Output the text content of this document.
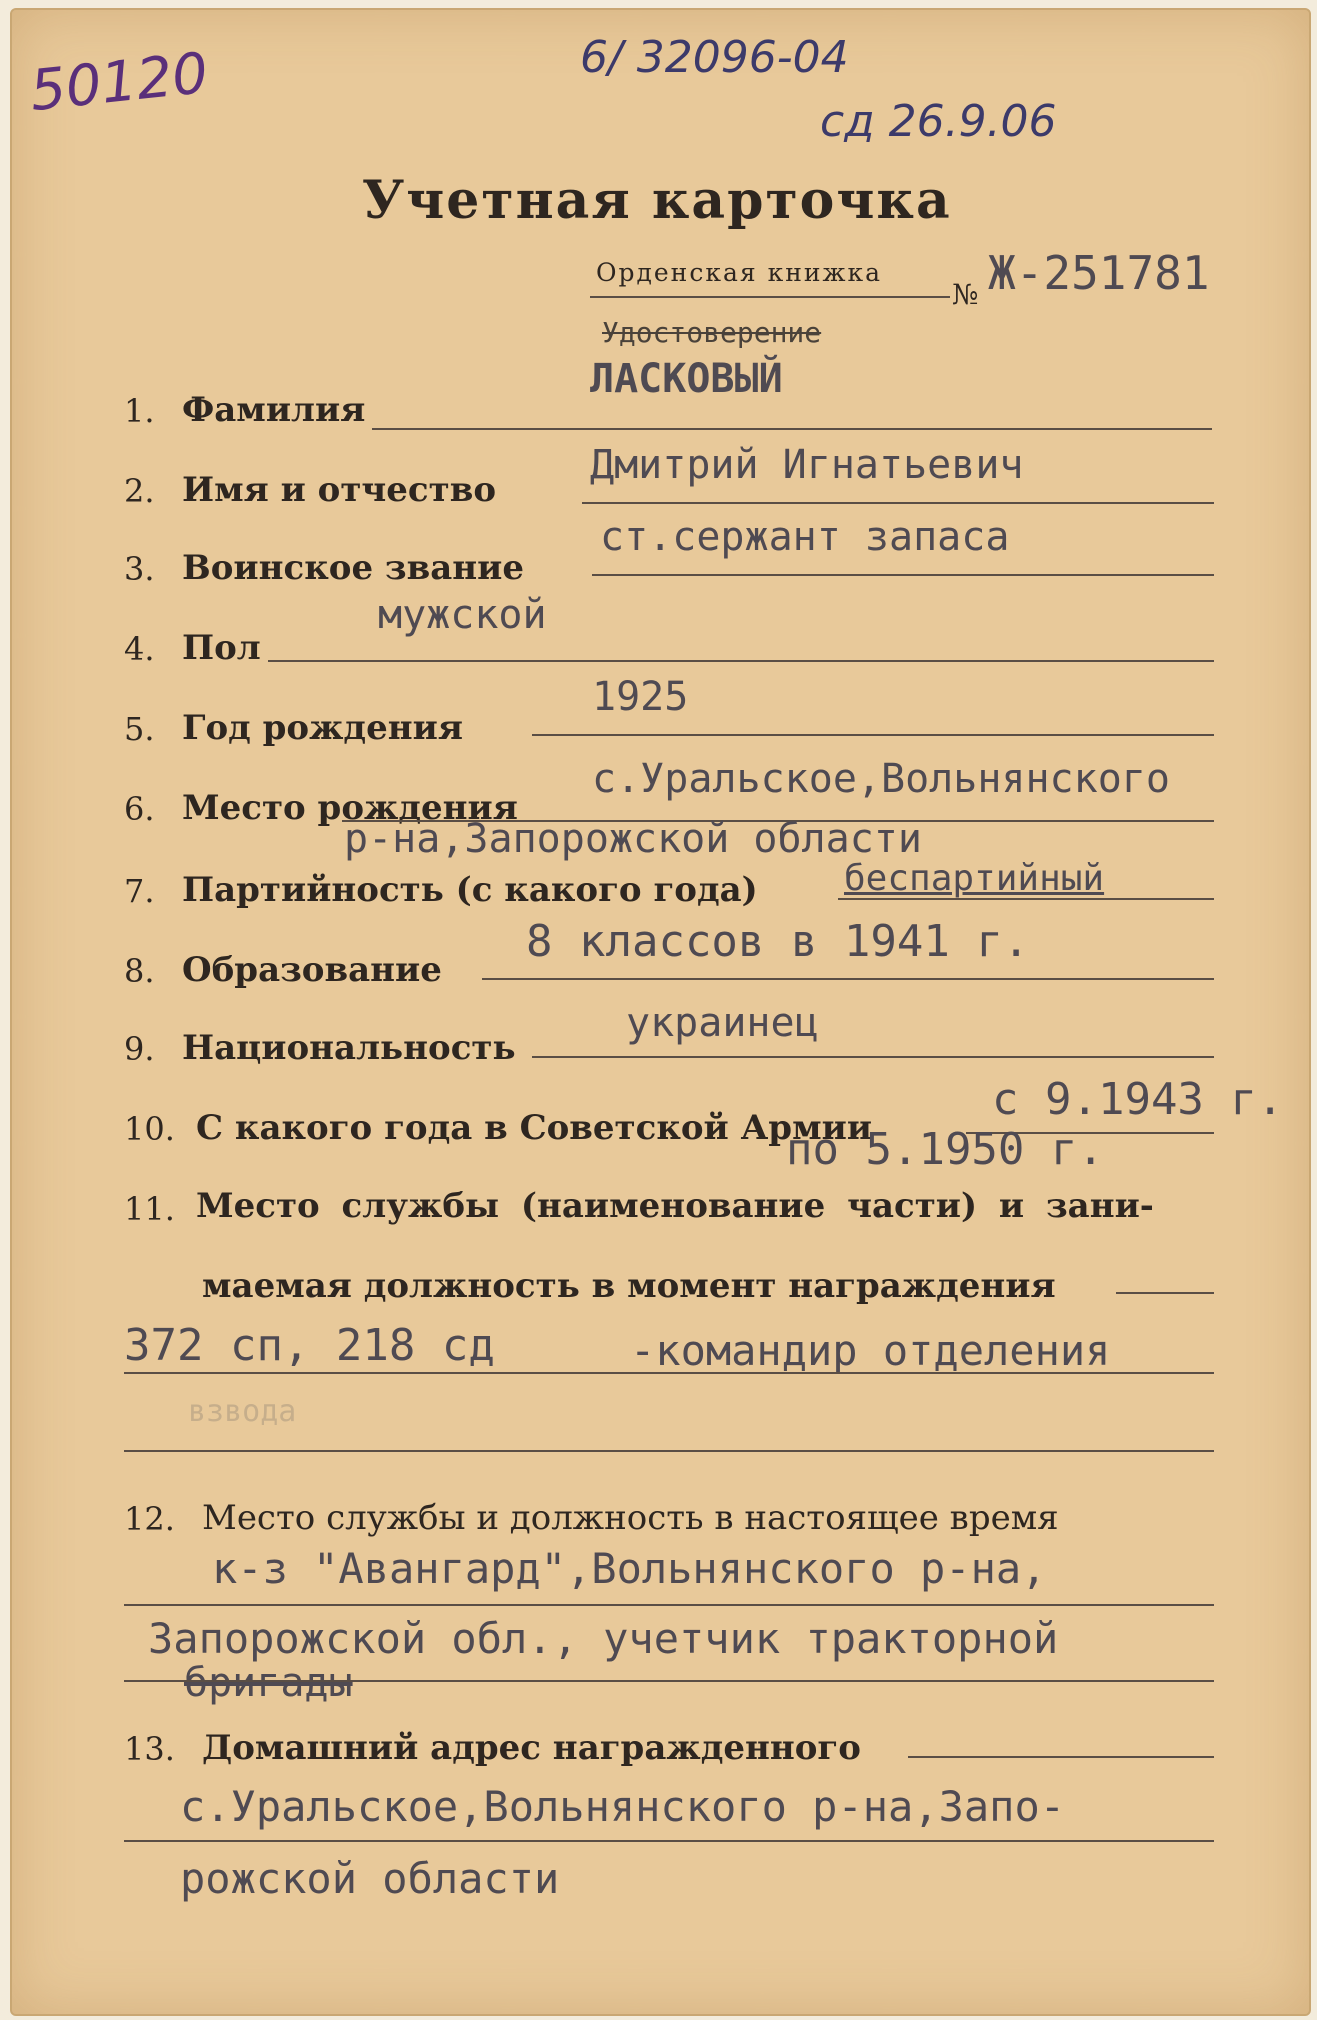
50120	6/ 32096-04
сд 26.9.06
Учетная карточка
Орденская книжка
№ Ж-251781
Удостоверение
1. Фамилия
ЛАСКОВЫЙ
2. Имя и отчество
Дмитрий Игнатьевич
3. Воинское звание
ст.сержант запаса
4. Пол
мужской
5. Год рождения
1925
6. Место рождения
с.Уральское,Вольнянского
р-на,Запорожской области
7. Партийность (с какого года) беспартийный
8. Образование
8 классов в 1941 г.
9. Национальность
украинец
10. С какого года в Советской Армии
с 9.1943 г.
по 5.1950 г.
11. Место службы (наименование части) и зани-
маемая должность в момент награждения
372 сп, 218 сд	-командир отделения
взвода
12. Место службы и должность в настоящее время
к-з "Авангард",Вольнянского р-на,
Запорожской обл., учетчик тракторной
бригады
13. Домашний адрес награжденного
с.Уральское,Вольнянского р-на,Запо-
рожской области
